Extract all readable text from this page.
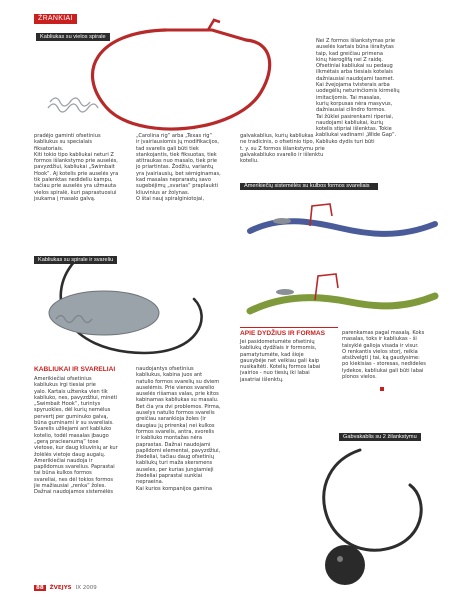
ŽRANKIAI
Kabliukas su vielos spirale

Nei Z formos išlankstymas prie
auselės kartais būna išraitytas
taip, kad greičiau primena
kinų hieroglifą nei Z raidę.
Ofsetiniai kabliukai su pedaug
ilkmėtais arba tiesiais kotelais
dažniausiai naudojami tasmet.
Kai žvejojama tvisterais arba
uodegėlių neturinčiomis kirmėlių
imitacijomis. Tai masalas,
kurių korpusas nėra masyvus,
dažniausiai cilindro formos.
Tai žūklei pasirenkami riperiai,
naudojami kabliukai, kurių
kotelis stipriai išlenktas. Tokie
kabliukai vadinami „Wide Gap“.
Kabliuko dydis turi būti

pradėjo gaminti ofsetinius
kabliukus su specialais
fiksatoriais.
Kiti tokio tipo kabliukai neturi Z
formos išlankstymo prie auselės,
pavyzdžiui, kabliukai „Swimbait
Hook“. Aj kotelis prie auselės yra
tik palenktas nedideliu kampu,
tačiau prie auselės yra užmauta
vielos spiralė, kuri paprastuosiui
jsukama į masalo galvą.

„Carolina rig“ arba „Texas rig“
ir įvairiausiomis jų modifikacijos,
tad svarelis gali būti tiek
stankojantis, tiek fiksuotas, tiek
atitraukas nuo masalo, tiek prie
jo priartintas. Žodžiu, variantų
yra įvairiausių, bet sėmiginamas,
kad masalas neprarastų savo
sugebėjimų „svarias“ praplaukti
kliuvinius ar žolynas.
O štai nauj spiralginiotojai,

galvakablius, kurių kabliukas -
ne tradicinis, o ofsetinio tipo,
t. y. su Z formos išlankstymu prie
galvakabliuko svarelio ir išlenktu
koteliu.

Amerikiečių sistemėlės su kulbos formos svareliais
Kabliukas su spirale ir svareliu
KABLIUKAI IR SVARELIAI

Amerikiečiai ofsetinius
kabliukus irgi tiesiai prie
yalo. Kartais užtenka vien tik
kabliuko, nes, pavyzdžiui, minėti
„Swimbait Hook“, turintys
spyruokles, dėl kurių nemėlus
pervertį per guminuko galvą,
būna guminami ir su svareliais.
Svarelis užliejami ant kabliuko
kotelio, todėl masalas įbaugo
„gerą pracieanumą“ tose
vietose, kur daug kliuvinių ar kur
žolėlės vietoje daug augalų.
Amerikiečiai naudoja ir
papildomus svarelius. Paprastai
tai būna kulkos formos
svareliai, nes dėl tokios formos
jie mažiausiai „renka“ žoles.
Dažnai naudojamos sistemėlės

naudojantys ofsetinius
kabliukus, kabina juos ant
natulio formos svarelių su dviem
auselėmis. Prie vienos svarelio
auselės rišamas valas, prie kitos
kabinamas kabliukas su masalu.
Bet čia yra dvi problemos. Pirma,
auselys natulio formos svarelis
greičiau sarankioja žoles (ir
daugiau jų prirenka) nei kulkos
formos svarelis, antra, svorelis
ir kabliuko montažas nėra
paprastas. Dažnai naudojami
papildomi elementai, pavyzdžiui,
žiedeliai, tačiau daug ofsetinių
kabliukų turi maža skersmens
auseles, per kurias jungiamieji
žiedeliai paprastai sunkiai
nepraeina.
Kai kurios kompanijos gamina

APIE DYDŽIUS IR FORMAS

Jei pasidometumėte ofsetinių
kabliukų dydžiais ir formomis,
pamatytumėte, kad šioje
gausybėje net veikiau gali kaip
nusikaltėti. Kotelių formos labai
įvairios - nuo tiesių iki labai
jasatriai išlenktų.

parenkamas pagal masalą. Koks
masalas, toks ir kabliukas - ši
taisyklė galioja visada ir visur.
O renkantis vielos storį, reikia
atsižvelgti į tai, ką gaudysime:
po kiekisias - storesas, nedideles
lydekos, kabliukai gali būti labai
plonos vielos.

Gabvakablis su 2 žilankstymu
88	ŽVEJYS IX 2009
